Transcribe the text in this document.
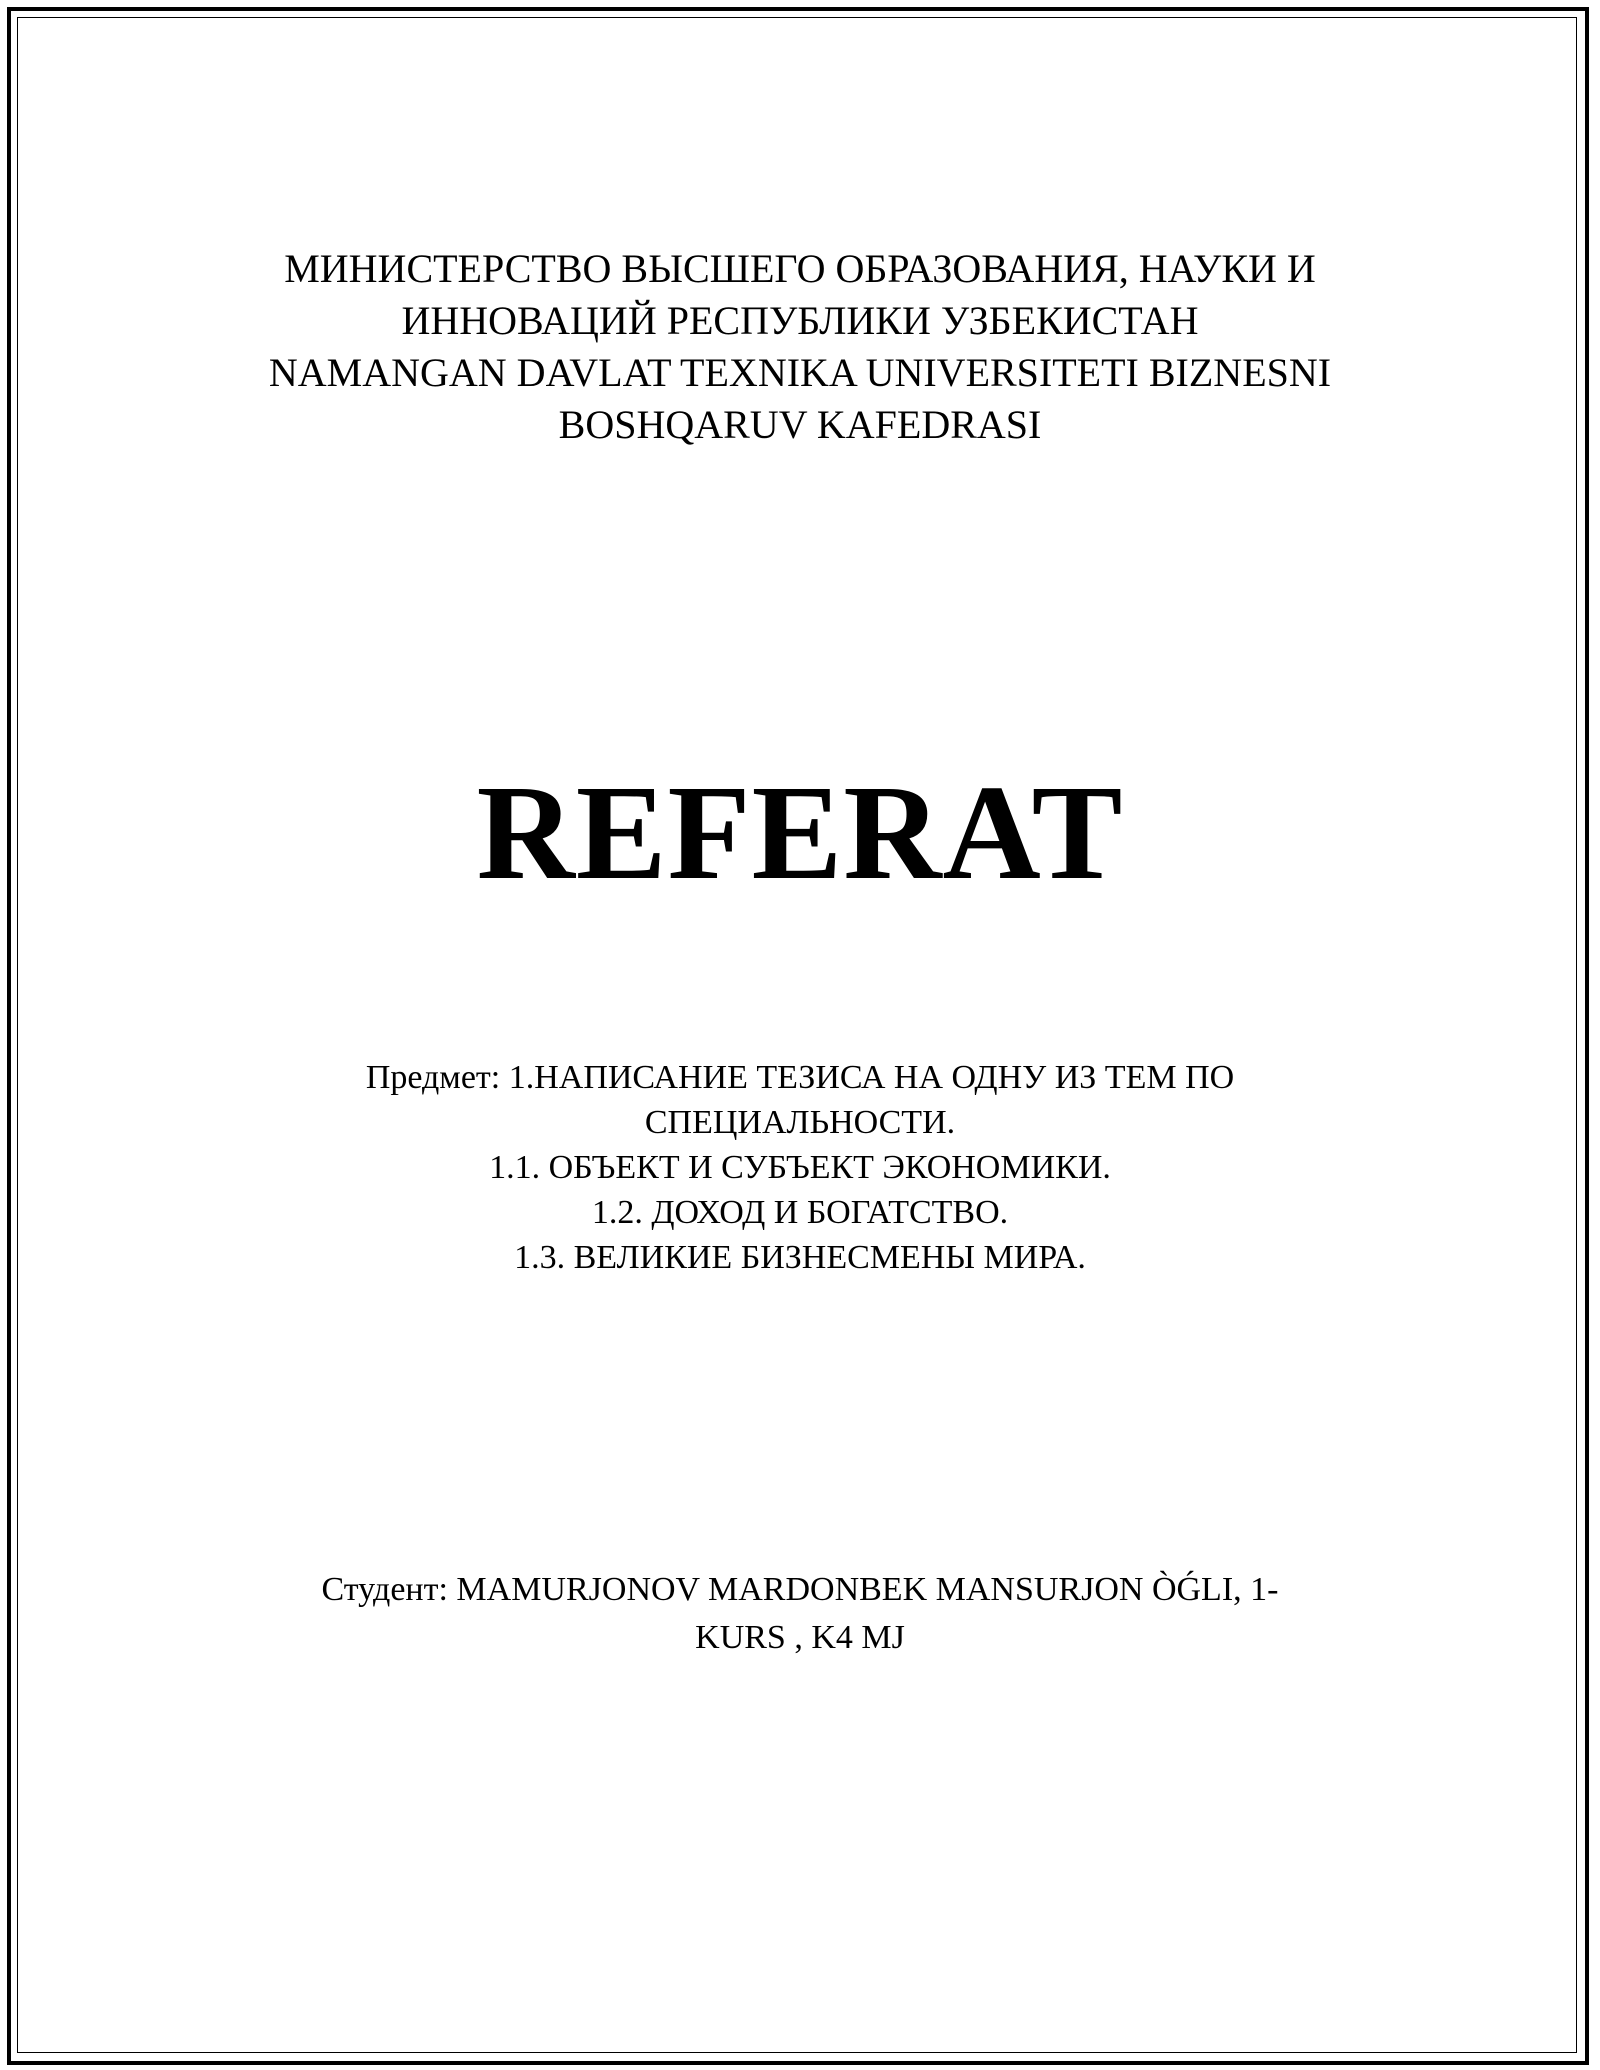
МИНИСТЕРСТВО ВЫСШЕГО ОБРАЗОВАНИЯ, НАУКИ И
ИННОВАЦИЙ РЕСПУБЛИКИ УЗБЕКИСТАН
NAMANGAN DAVLAT TEXNIKA UNIVERSITETI BIZNESNI
BOSHQARUV KAFEDRASI
REFERAT
Предмет: 1.НАПИСАНИЕ ТЕЗИСА НА ОДНУ ИЗ ТЕМ ПО
СПЕЦИАЛЬНОСТИ.
1.1. ОБЪЕКТ И СУБЪЕКТ ЭКОНОМИКИ.
1.2. ДОХОД И БОГАТСТВО.
1.3. ВЕЛИКИЕ БИЗНЕСМЕНЫ МИРА.
Студент: MAMURJONOV MARDONBEK MANSURJON ÒǴLI, 1-
KURS , K4 MJ
